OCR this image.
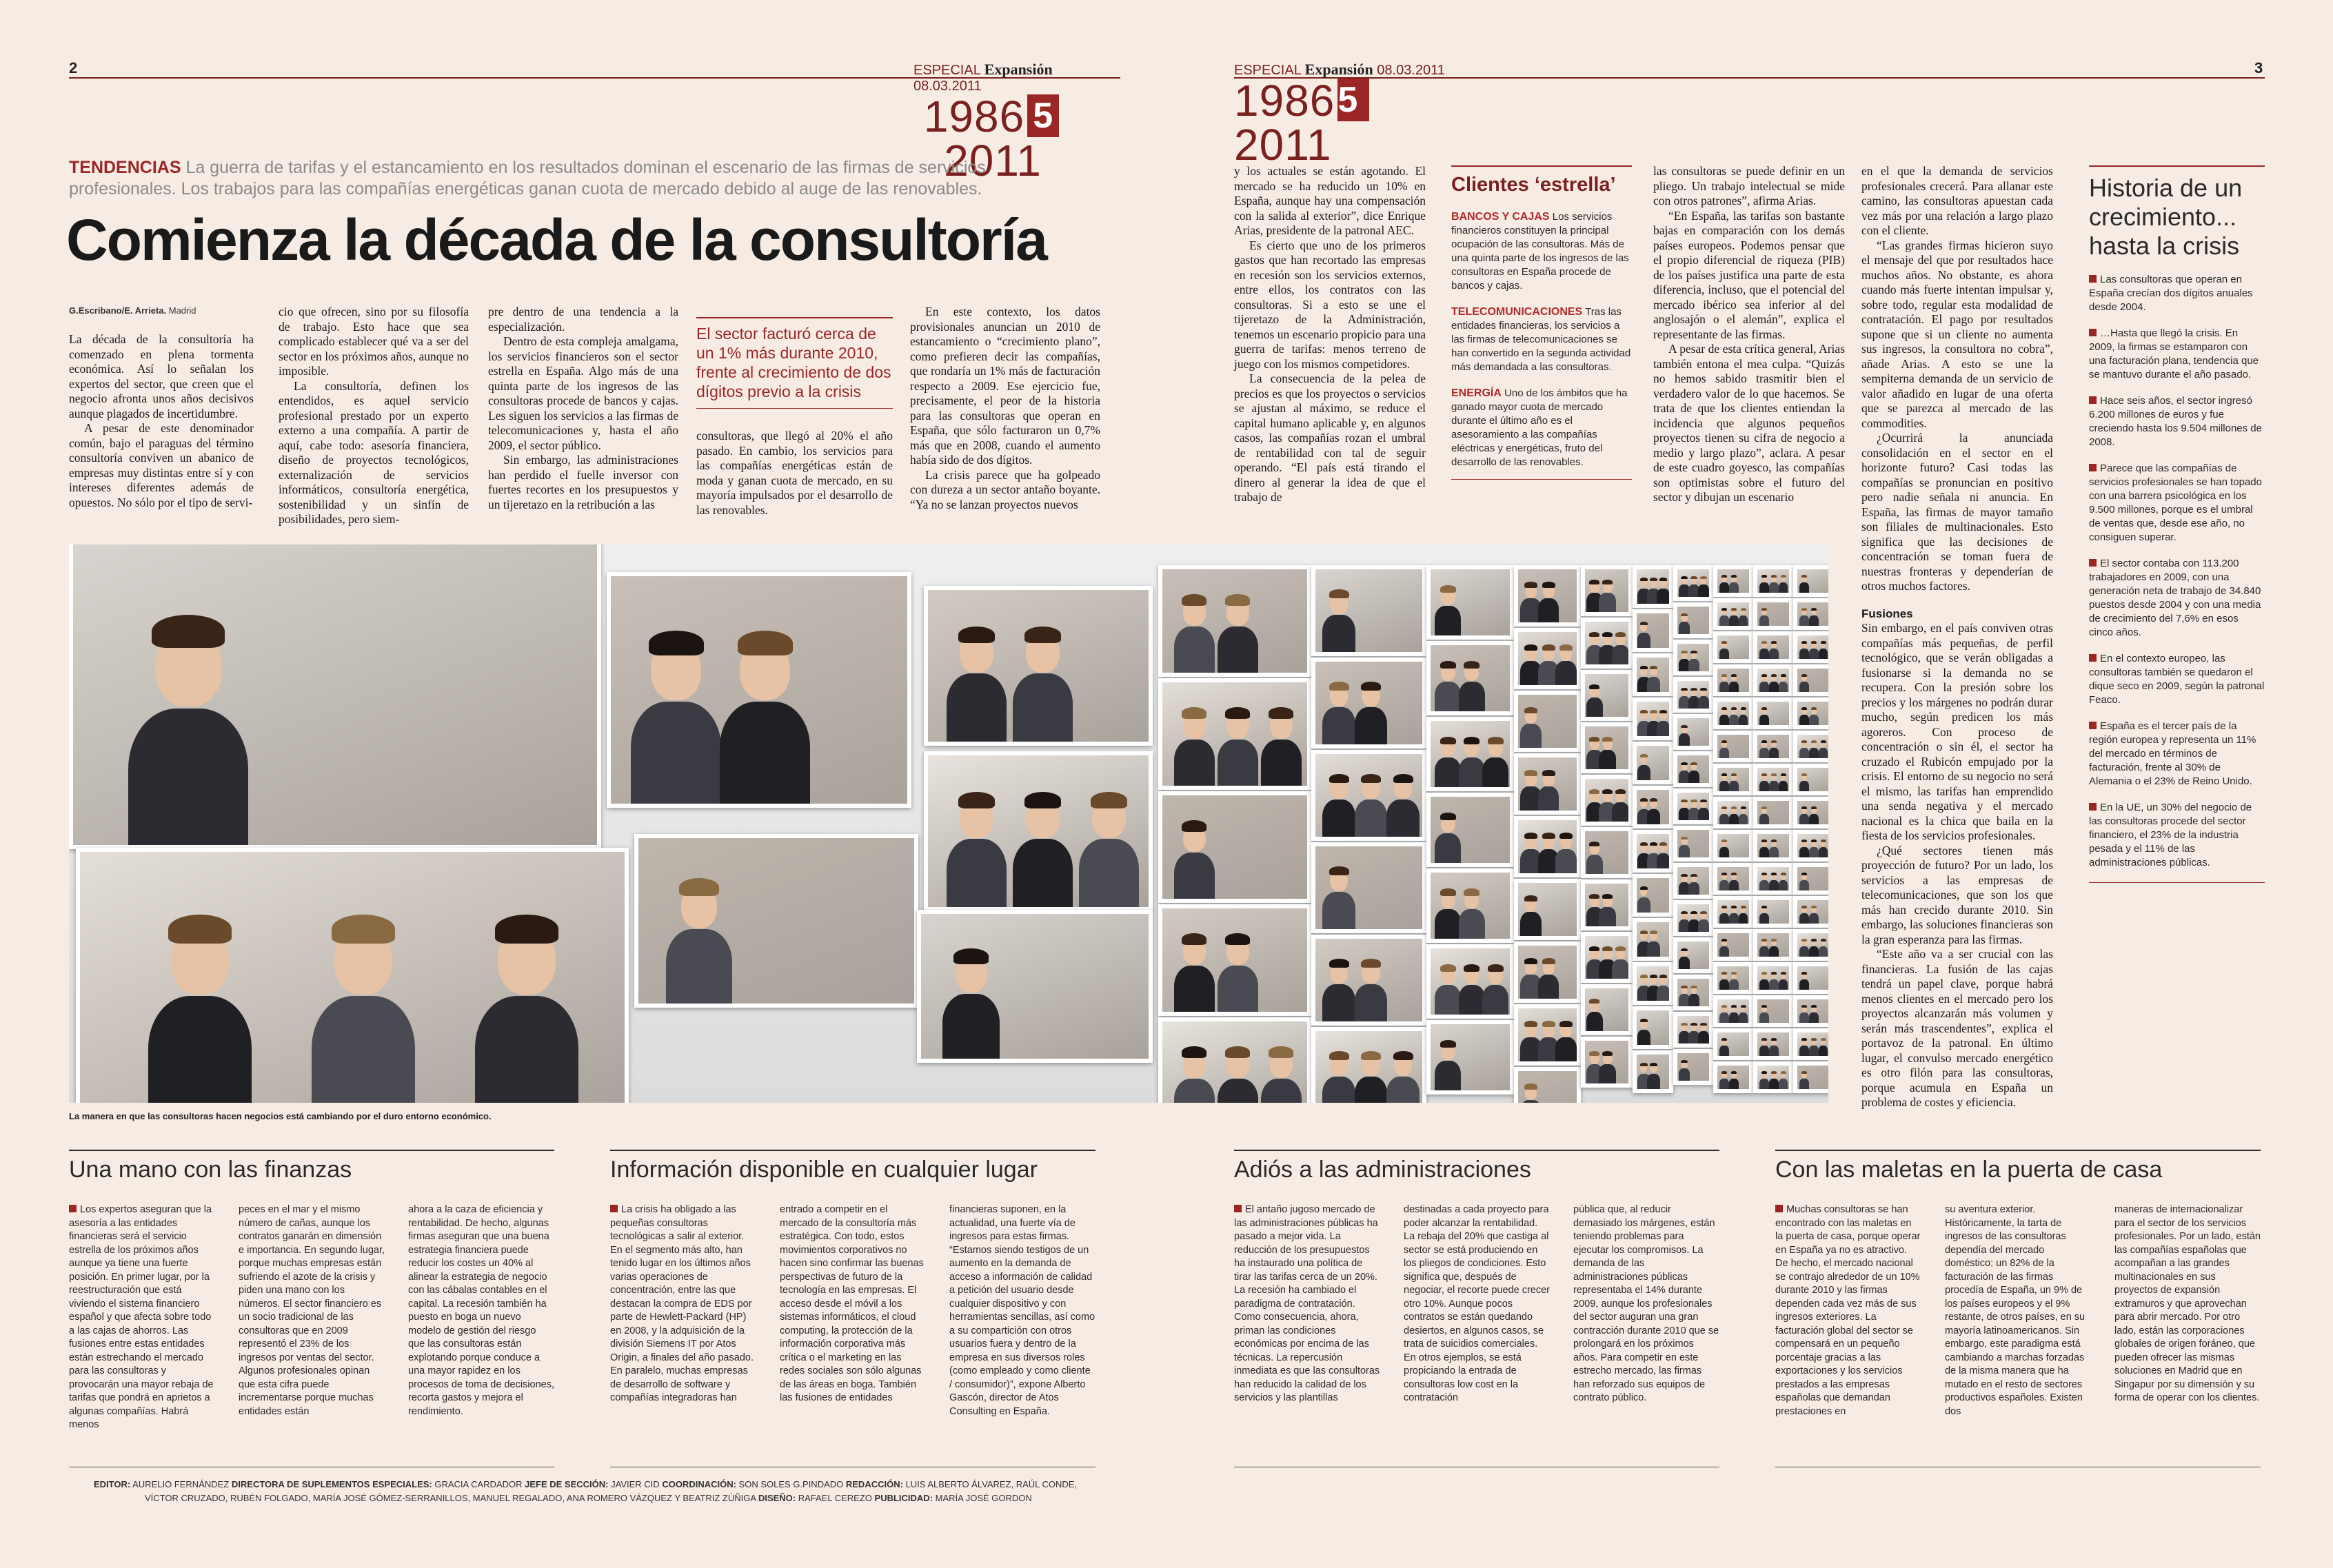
2	3
ESPECIAL Expansión 08.03.2011
1986 52011
ESPECIAL Expansión 08.03.2011
198652011
TENDENCIAS La guerra de tarifas y el estancamiento en los resultados dominan el escenario de las firmas de servicios profesionales. Los trabajos para las compañías energéticas ganan cuota de mercado debido al auge de las renovables.
Comienza la década de la consultoría
G.Escribano/E. Arrieta. Madrid

La década de la consultoría ha comenzado en plena tormenta económica. Así lo señalan los expertos del sector, que creen que el negocio afronta unos años decisivos aunque plagados de incertidumbre.

A pesar de este denominador común, bajo el paraguas del término consultoría conviven un abanico de empresas muy distintas entre sí y con intereses diferentes además de opuestos. No sólo por el tipo de servi-

cio que ofrecen, sino por su filosofía de trabajo. Esto hace que sea complicado establecer qué va a ser del sector en los próximos años, aunque no imposible.

La consultoría, definen los entendidos, es aquel servicio profesional prestado por un experto externo a una compañía. A partir de aquí, cabe todo: asesoría financiera, diseño de proyectos tecnológicos, externalización de servicios informáticos, consultoría energética, sostenibilidad y un sinfín de posibilidades, pero siem-

pre dentro de una tendencia a la especialización.

Dentro de esta compleja amalgama, los servicios financieros son el sector estrella en España. Algo más de una quinta parte de los ingresos de las consultoras procede de bancos y cajas. Les siguen los servicios a las firmas de telecomunicaciones y, hasta el año 2009, el sector público.

Sin embargo, las administraciones han perdido el fuelle inversor con fuertes recortes en los presupuestos y un tijeretazo en la retribución a las

El sector facturó cerca de un 1% más durante 2010, frente al crecimiento de dos dígitos previo a la crisis

consultoras, que llegó al 20% el año pasado. En cambio, los servicios para las compañías energéticas están de moda y ganan cuota de mercado, en su mayoría impulsados por el desarrollo de las renovables.

En este contexto, los datos provisionales anuncian un 2010 de estancamiento o “crecimiento plano”, como prefieren decir las compañías, que rondaría un 1% más de facturación respecto a 2009. Ese ejercicio fue, precisamente, el peor de la historia para las consultoras que operan en España, que sólo facturaron un 0,7% más que en 2008, cuando el aumento había sido de dos dígitos.

La crisis parece que ha golpeado con dureza a un sector antaño boyante. “Ya no se lanzan proyectos nuevos

y los actuales se están agotando. El mercado se ha reducido un 10% en España, aunque hay una compensación con la salida al exterior”, dice Enrique Arias, presidente de la patronal AEC.

Es cierto que uno de los primeros gastos que han recortado las empresas en recesión son los servicios externos, entre ellos, los contratos con las consultoras. Si a esto se une el tijeretazo de la Administración, tenemos un escenario propicio para una guerra de tarifas: menos terreno de juego con los mismos competidores.

La consecuencia de la pelea de precios es que los proyectos o servicios se ajustan al máximo, se reduce el capital humano aplicable y, en algunos casos, las compañías rozan el umbral de rentabilidad con tal de seguir operando. “El país está tirando el dinero al generar la idea de que el trabajo de

Clientes ‘estrella’

BANCOS Y CAJAS Los servicios financieros constituyen la principal ocupación de las consultoras. Más de una quinta parte de los ingresos de las consultoras en España procede de bancos y cajas.

TELECOMUNICACIONES Tras las entidades financieras, los servicios a las firmas de telecomunicaciones se han convertido en la segunda actividad más demandada a las consultoras.

ENERGÍA Uno de los ámbitos que ha ganado mayor cuota de mercado durante el último año es el asesoramiento a las compañías eléctricas y energéticas, fruto del desarrollo de las renovables.

las consultoras se puede definir en un pliego. Un trabajo intelectual se mide con otros patrones”, afirma Arias.

“En España, las tarifas son bastante bajas en comparación con los demás países europeos. Podemos pensar que el propio diferencial de riqueza (PIB) de los países justifica una parte de esta diferencia, incluso, que el potencial del mercado ibérico sea inferior al del anglosajón o el alemán”, explica el representante de las firmas.

A pesar de esta crítica general, Arias también entona el mea culpa. “Quizás no hemos sabido trasmitir bien el verdadero valor de lo que hacemos. Se trata de que los clientes entiendan la incidencia que algunos pequeños proyectos tienen su cifra de negocio a medio y largo plazo”, aclara. A pesar de este cuadro goyesco, las compañías son optimistas sobre el futuro del sector y dibujan un escenario

en el que la demanda de servicios profesionales crecerá. Para allanar este camino, las consultoras apuestan cada vez más por una relación a largo plazo con el cliente.

“Las grandes firmas hicieron suyo el mensaje del que por resultados hace muchos años. No obstante, es ahora cuando más fuerte intentan impulsar y, sobre todo, regular esta modalidad de contratación. El pago por resultados supone que si un cliente no aumenta sus ingresos, la consultora no cobra”, añade Arias. A esto se une la sempiterna demanda de un servicio de valor añadido en lugar de una oferta que se parezca al mercado de las commodities.

¿Ocurrirá la anunciada consolidación en el sector en el horizonte futuro? Casi todas las compañías se pronuncian en positivo pero nadie señala ni anuncia. En España, las firmas de mayor tamaño son filiales de multinacionales. Esto significa que las decisiones de concentración se toman fuera de nuestras fronteras y dependerían de otros muchos factores.

Fusiones

Sin embargo, en el país conviven otras compañías más pequeñas, de perfil tecnológico, que se verán obligadas a fusionarse si la demanda no se recupera. Con la presión sobre los precios y los márgenes no podrán durar mucho, según predicen los más agoreros. Con proceso de concentración o sin él, el sector ha cruzado el Rubicón empujado por la crisis. El entorno de su negocio no será el mismo, las tarifas han emprendido una senda negativa y el mercado nacional es la chica que baila en la fiesta de los servicios profesionales.

¿Qué sectores tienen más proyección de futuro? Por un lado, los servicios a las empresas de telecomunicaciones, que son los que más han crecido durante 2010. Sin embargo, las soluciones financieras son la gran esperanza para las firmas.

“Este año va a ser crucial con las financieras. La fusión de las cajas tendrá un papel clave, porque habrá menos clientes en el mercado pero los proyectos alcanzarán más volumen y serán más trascendentes”, explica el portavoz de la patronal. En último lugar, el convulso mercado energético es otro filón para las consultoras, porque acumula en España un problema de costes y eficiencia.

Historia de un crecimiento... hasta la crisis

Las consultoras que operan en España crecían dos dígitos anuales desde 2004.

…Hasta que llegó la crisis. En 2009, la firmas se estamparon con una facturación plana, tendencia que se mantuvo durante el año pasado.

Hace seis años, el sector ingresó 6.200 millones de euros y fue creciendo hasta los 9.504 millones de 2008.

Parece que las compañías de servicios profesionales se han topado con una barrera psicológica en los 9.500 millones, porque es el umbral de ventas que, desde ese año, no consiguen superar.

El sector contaba con 113.200 trabajadores en 2009, con una generación neta de trabajo de 34.840 puestos desde 2004 y con una media de crecimiento del 7,6% en esos cinco años.

En el contexto europeo, las consultoras también se quedaron el dique seco en 2009, según la patronal Feaco.

España es el tercer país de la región europea y representa un 11% del mercado en términos de facturación, frente al 30% de Alemania o el 23% de Reino Unido.

En la UE, un 30% del negocio de las consultoras procede del sector financiero, el 23% de la industria pesada y el 11% de las administraciones públicas.

La manera en que las consultoras hacen negocios está cambiando por el duro entorno económico.
Una mano con las finanzas
Los expertos aseguran que la asesoría a las entidades financieras será el servicio estrella de los próximos años aunque ya tiene una fuerte posición. En primer lugar, por la reestructuración que está viviendo el sistema financiero español y que afecta sobre todo a las cajas de ahorros. Las fusiones entre estas entidades están estrechando el mercado para las consultoras y provocarán una mayor rebaja de tarifas que pondrá en aprietos a algunas compañías. Habrá menos
peces en el mar y el mismo número de cañas, aunque los contratos ganarán en dimensión e importancia. En segundo lugar, porque muchas empresas están sufriendo el azote de la crisis y piden una mano con los números. El sector financiero es un socio tradicional de las consultoras que en 2009 representó el 23% de los ingresos por ventas del sector. Algunos profesionales opinan que esta cifra puede incrementarse porque muchas entidades están
ahora a la caza de eficiencia y rentabilidad. De hecho, algunas firmas aseguran que una buena estrategia financiera puede reducir los costes un 40% al alinear la estrategia de negocio con las cábalas contables en el capital. La recesión también ha puesto en boga un nuevo modelo de gestión del riesgo que las consultoras están explotando porque conduce a una mayor rapidez en los procesos de toma de decisiones, recorta gastos y mejora el rendimiento.
Información disponible en cualquier lugar
La crisis ha obligado a las pequeñas consultoras tecnológicas a salir al exterior. En el segmento más alto, han tenido lugar en los últimos años varias operaciones de concentración, entre las que destacan la compra de EDS por parte de Hewlett-Packard (HP) en 2008, y la adquisición de la división Siemens IT por Atos Origin, a finales del año pasado. En paralelo, muchas empresas de desarrollo de software y compañías integradoras han
entrado a competir en el mercado de la consultoría más estratégica. Con todo, estos movimientos corporativos no hacen sino confirmar las buenas perspectivas de futuro de la tecnología en las empresas. El acceso desde el móvil a los sistemas informáticos, el cloud computing, la protección de la información corporativa más crítica o el marketing en las redes sociales son sólo algunas de las áreas en boga. También las fusiones de entidades
financieras suponen, en la actualidad, una fuerte vía de ingresos para estas firmas. “Estamos siendo testigos de un aumento en la demanda de acceso a información de calidad a petición del usuario desde cualquier dispositivo y con herramientas sencillas, así como a su compartición con otros usuarios fuera y dentro de la empresa en sus diversos roles (como empleado y como cliente / consumidor)”, expone Alberto Gascón, director de Atos Consulting en España.
Adiós a las administraciones
El antaño jugoso mercado de las administraciones públicas ha pasado a mejor vida. La reducción de los presupuestos ha instaurado una política de tirar las tarifas cerca de un 20%. La recesión ha cambiado el paradigma de contratación. Como consecuencia, ahora, priman las condiciones económicas por encima de las técnicas. La repercusión inmediata es que las consultoras han reducido la calidad de los servicios y las plantillas
destinadas a cada proyecto para poder alcanzar la rentabilidad. La rebaja del 20% que castiga al sector se está produciendo en los pliegos de condiciones. Esto significa que, después de negociar, el recorte puede crecer otro 10%. Aunque pocos contratos se están quedando desiertos, en algunos casos, se trata de suicidios comerciales. En otros ejemplos, se está propiciando la entrada de consultoras low cost en la contratación
pública que, al reducir demasiado los márgenes, están teniendo problemas para ejecutar los compromisos. La demanda de las administraciones públicas representaba el 14% durante 2009, aunque los profesionales del sector auguran una gran contracción durante 2010 que se prolongará en los próximos años. Para competir en este estrecho mercado, las firmas han reforzado sus equipos de contrato público.
Con las maletas en la puerta de casa
Muchas consultoras se han encontrado con las maletas en la puerta de casa, porque operar en España ya no es atractivo. De hecho, el mercado nacional se contrajo alrededor de un 10% durante 2010 y las firmas dependen cada vez más de sus ingresos exteriores. La facturación global del sector se compensará en un pequeño porcentaje gracias a las exportaciones y los servicios prestados a las empresas españolas que demandan prestaciones en
su aventura exterior. Históricamente, la tarta de ingresos de las consultoras dependía del mercado doméstico: un 82% de la facturación de las firmas procedía de España, un 9% de los países europeos y el 9% restante, de otros países, en su mayoría latinoamericanos. Sin embargo, este paradigma está cambiando a marchas forzadas de la misma manera que ha mutado en el resto de sectores productivos españoles. Existen dos
maneras de internacionalizar para el sector de los servicios profesionales. Por un lado, están las compañías españolas que acompañan a las grandes multinacionales en sus proyectos de expansión extramuros y que aprovechan para abrir mercado. Por otro lado, están las corporaciones globales de origen foráneo, que pueden ofrecer las mismas soluciones en Madrid que en Singapur por su dimensión y su forma de operar con los clientes.
EDITOR: AURELIO FERNÁNDEZ DIRECTORA DE SUPLEMENTOS ESPECIALES: GRACIA CARDADOR JEFE DE SECCIÓN: JAVIER CID COORDINACIÓN: SON SOLES G.PINDADO REDACCIÓN: LUIS ALBERTO ÁLVAREZ, RAÚL CONDE,
VÍCTOR CRUZADO, RUBÉN FOLGADO, MARÍA JOSÉ GÓMEZ-SERRANILLOS, MANUEL REGALADO, ANA ROMERO VÁZQUEZ Y BEATRIZ ZÚÑIGA DISEÑO: RAFAEL CEREZO PUBLICIDAD: MARÍA JOSÉ GORDON
